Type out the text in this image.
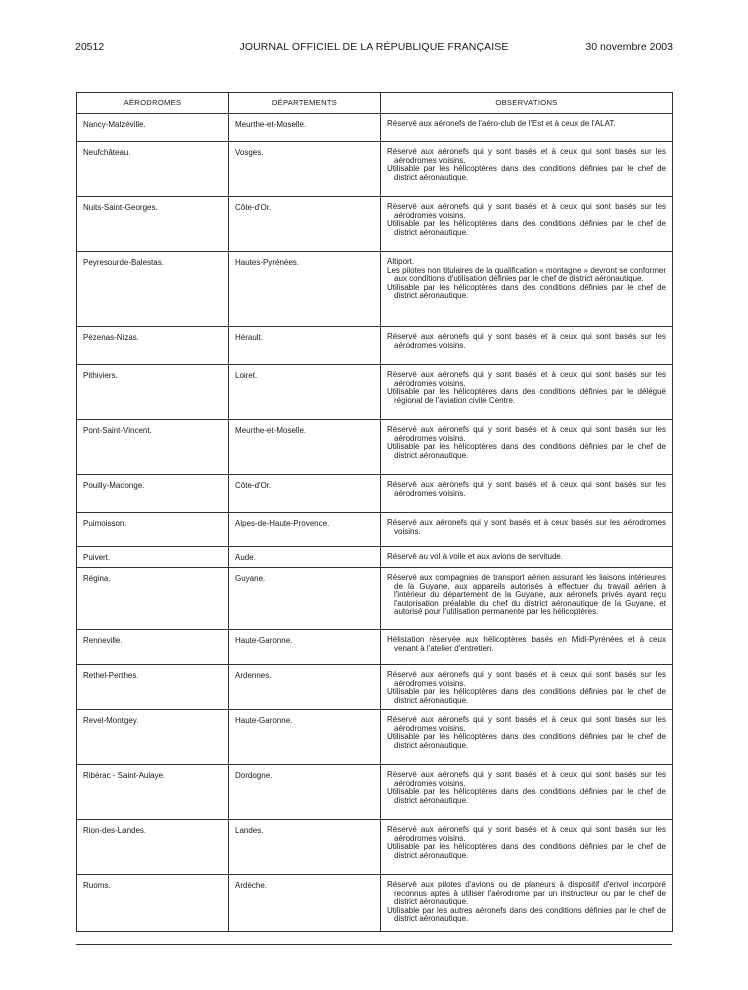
20512	JOURNAL OFFICIEL DE LA RÉPUBLIQUE FRANÇAISE	30 novembre 2003
AÉRODROMES	DÉPARTEMENTS	OBSERVATIONS
Nancy-Malzéville.	Meurthe-et-Moselle.	Réservé aux aéronefs de l'aéro-club de l'Est et à ceux de l'ALAT.

Neufchâteau.	Vosges.	Réservé aux aéronefs qui y sont basés et à ceux qui sont basés sur les aérodromes voisins.
Utilisable par les hélicoptères dans des conditions définies par le chef de district aéronautique.

Nuits-Saint-Georges.	Côte-d'Or.	Réservé aux aéronefs qui y sont basés et à ceux qui sont basés sur les aérodromes voisins.
Utilisable par les hélicoptères dans des conditions définies par le chef de district aéronautique.

Peyresourde-Balestas.	Hautes-Pyrénées.	Altiport.
Les pilotes non titulaires de la qualification « montagne » devront se conformer aux conditions d'utilisation définies par le chef de district aéronautique.
Utilisable par les hélicoptères dans des conditions définies par le chef de district aéronautique.

Pézenas-Nizas.	Hérault.	Réservé aux aéronefs qui y sont basés et à ceux qui sont basés sur les aérodromes voisins.

Pithiviers.	Loiret.	Réservé aux aéronefs qui y sont basés et à ceux qui sont basés sur les aérodromes voisins.
Utilisable par les hélicoptères dans des conditions définies par le délégué régional de l'aviation civile Centre.

Pont-Saint-Vincent.	Meurthe-et-Moselle.	Réservé aux aéronefs qui y sont basés et à ceux qui sont basés sur les aérodromes voisins.
Utilisable par les hélicoptères dans des conditions définies par le chef de district aéronautique.

Pouilly-Maconge.	Côte-d'Or.	Réservé aux aéronefs qui y sont basés et à ceux qui sont basés sur les aérodromes voisins.

Puimoisson.	Alpes-de-Haute-Provence.	Réservé aux aéronefs qui y sont basés et à ceux basés sur les aérodromes voisins.

Puivert.	Aude.	Réservé au vol à voile et aux avions de servitude.

Régina.	Guyane.	Réservé aux compagnies de transport aérien assurant les liaisons intérieures de la Guyane, aux appareils autorisés à effectuer du travail aérien à l'intérieur du département de la Guyane, aux aéronefs privés ayant reçu l'autorisation préalable du chef du district aéronautique de la Guyane, et autorisé pour l'utilisation permanente par les hélicoptères.

Renneville.	Haute-Garonne.	Hélistation réservée aux hélicoptères basés en Midi-Pyrénées et à ceux venant à l'atelier d'entretien.

Rethel-Perthes.	Ardennes.	Réservé aux aéronefs qui y sont basés et à ceux qui sont basés sur les aérodromes voisins.
Utilisable par les hélicoptères dans des conditions définies par le chef de district aéronautique.

Revel-Montgey.	Haute-Garonne.	Réservé aux aéronefs qui y sont basés et à ceux qui sont basés sur les aérodromes voisins.
Utilisable par les hélicoptères dans des conditions définies par le chef de district aéronautique.

Ribérac - Saint-Aulaye.	Dordogne.	Réservé aux aéronefs qui y sont basés et à ceux qui sont basés sur les aérodromes voisins.
Utilisable par les hélicoptères dans des conditions définies par le chef de district aéronautique.

Rion-des-Landes.	Landes.	Réservé aux aéronefs qui y sont basés et à ceux qui sont basés sur les aérodromes voisins.
Utilisable par les hélicoptères dans des conditions définies par le chef de district aéronautique.

Ruoms.	Ardèche.	Réservé aux pilotes d'avions ou de planeurs à dispositif d'envol incorporé reconnus aptes à utiliser l'aérodrome par un instructeur ou par le chef de district aéronautique.
Utilisable par les autres aéronefs dans des conditions définies par le chef de district aéronautique.
